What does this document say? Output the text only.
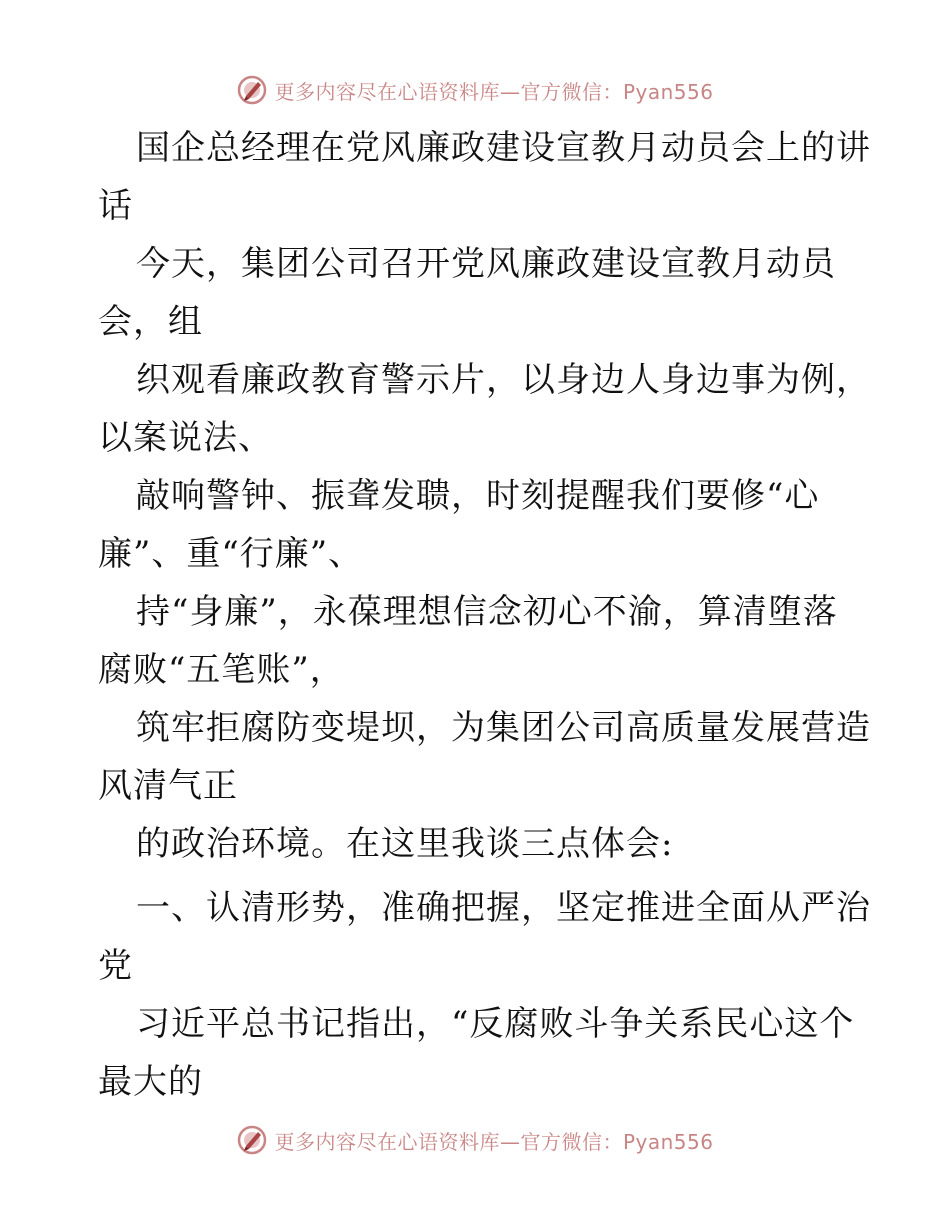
更多内容尽在心语资料库—官方微信：Pyan556
国企总经理在党风廉政建设宣教月动员会上的讲
话
今天，集团公司召开党风廉政建设宣教月动员
会，组
织观看廉政教育警示片，以身边人身边事为例，
以案说法、
敲响警钟、振聋发聩，时刻提醒我们要修“心
廉”、重“行廉”、
持“身廉”，永葆理想信念初心不渝，算清堕落
腐败“五笔账”，
筑牢拒腐防变堤坝，为集团公司高质量发展营造
风清气正
的政治环境。在这里我谈三点体会:
一、认清形势，准确把握，坚定推进全面从严治
党
习近平总书记指出，“反腐败斗争关系民心这个
最大的
更多内容尽在心语资料库—官方微信：Pyan556
